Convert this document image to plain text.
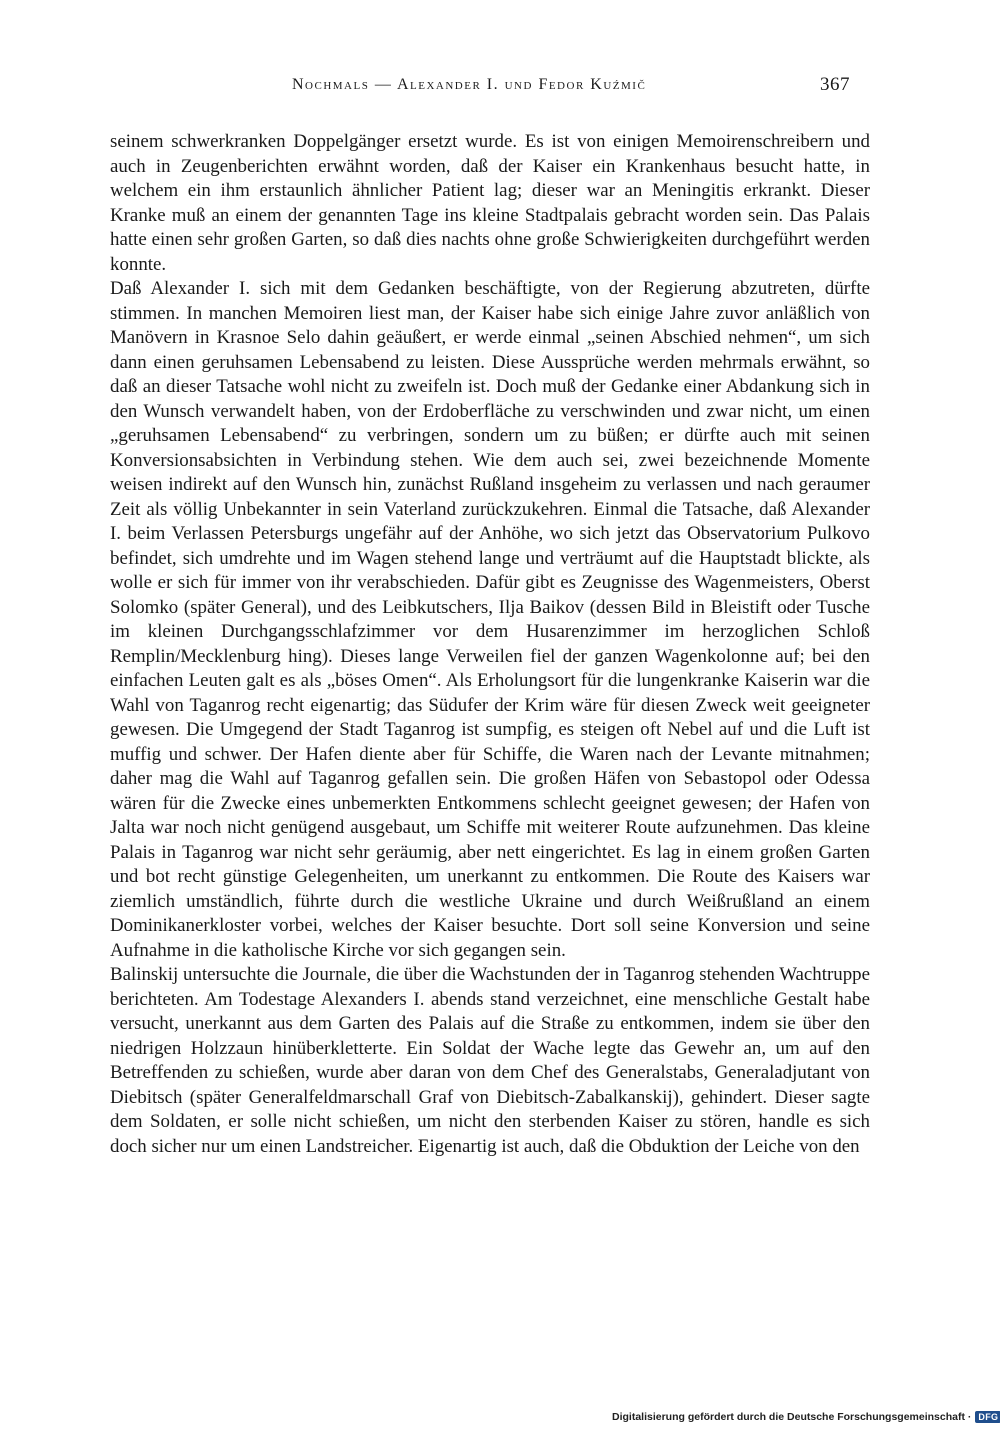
Nochmals — Alexander I. und Fedor Kuźmič	367

seinem schwerkranken Doppelgänger ersetzt wurde. Es ist von einigen Memoirenschreibern und auch in Zeugenberichten erwähnt worden, daß der Kaiser ein Krankenhaus besucht hatte, in welchem ein ihm erstaunlich ähnlicher Patient lag; dieser war an Meningitis erkrankt. Dieser Kranke muß an einem der genannten Tage ins kleine Stadtpalais gebracht worden sein. Das Palais hatte einen sehr großen Garten, so daß dies nachts ohne große Schwierigkeiten durchgeführt werden konnte.

Daß Alexander I. sich mit dem Gedanken beschäftigte, von der Regierung abzutreten, dürfte stimmen. In manchen Memoiren liest man, der Kaiser habe sich einige Jahre zuvor anläßlich von Manövern in Krasnoe Selo dahin geäußert, er werde einmal „seinen Abschied nehmen“, um sich dann einen geruhsamen Lebensabend zu leisten. Diese Aussprüche werden mehrmals erwähnt, so daß an dieser Tatsache wohl nicht zu zweifeln ist. Doch muß der Gedanke einer Abdankung sich in den Wunsch verwandelt haben, von der Erdoberfläche zu verschwinden und zwar nicht, um einen „geruhsamen Lebensabend“ zu verbringen, sondern um zu büßen; er dürfte auch mit seinen Konversionsabsichten in Verbindung stehen. Wie dem auch sei, zwei bezeichnende Momente weisen indirekt auf den Wunsch hin, zunächst Rußland insgeheim zu verlassen und nach geraumer Zeit als völlig Unbekannter in sein Vaterland zurückzukehren. Einmal die Tatsache, daß Alexander I. beim Verlassen Petersburgs ungefähr auf der Anhöhe, wo sich jetzt das Observatorium Pulkovo befindet, sich umdrehte und im Wagen stehend lange und verträumt auf die Hauptstadt blickte, als wolle er sich für immer von ihr verabschieden. Dafür gibt es Zeugnisse des Wagenmeisters, Oberst Solomko (später General), und des Leibkutschers, Ilja Baikov (dessen Bild in Bleistift oder Tusche im kleinen Durchgangsschlafzimmer vor dem Husarenzimmer im herzoglichen Schloß Remplin/Mecklenburg hing). Dieses lange Verweilen fiel der ganzen Wagenkolonne auf; bei den einfachen Leuten galt es als „böses Omen“. Als Erholungsort für die lungenkranke Kaiserin war die Wahl von Taganrog recht eigenartig; das Südufer der Krim wäre für diesen Zweck weit geeigneter gewesen. Die Umgegend der Stadt Taganrog ist sumpfig, es steigen oft Nebel auf und die Luft ist muffig und schwer. Der Hafen diente aber für Schiffe, die Waren nach der Levante mitnahmen; daher mag die Wahl auf Taganrog gefallen sein. Die großen Häfen von Sebastopol oder Odessa wären für die Zwecke eines unbemerkten Entkommens schlecht geeignet gewesen; der Hafen von Jalta war noch nicht genügend ausgebaut, um Schiffe mit weiterer Route aufzunehmen. Das kleine Palais in Taganrog war nicht sehr geräumig, aber nett eingerichtet. Es lag in einem großen Garten und bot recht günstige Gelegenheiten, um unerkannt zu entkommen. Die Route des Kaisers war ziemlich umständlich, führte durch die westliche Ukraine und durch Weißrußland an einem Dominikanerkloster vorbei, welches der Kaiser besuchte. Dort soll seine Konversion und seine Aufnahme in die katholische Kirche vor sich gegangen sein.

Balinskij untersuchte die Journale, die über die Wachstunden der in Taganrog stehenden Wachtruppe berichteten. Am Todestage Alexanders I. abends stand verzeichnet, eine menschliche Gestalt habe versucht, unerkannt aus dem Garten des Palais auf die Straße zu entkommen, indem sie über den niedrigen Holzzaun hinüberkletterte. Ein Soldat der Wache legte das Gewehr an, um auf den Betreffenden zu schießen, wurde aber daran von dem Chef des Generalstabs, Generaladjutant von Diebitsch (später Generalfeldmarschall Graf von Diebitsch-Zabalkanskij), gehindert. Dieser sagte dem Soldaten, er solle nicht schießen, um nicht den sterbenden Kaiser zu stören, handle es sich doch sicher nur um einen Landstreicher. Eigenartig ist auch, daß die Obduktion der Leiche von den

Digitalisierung gefördert durch die Deutsche Forschungsgemeinschaft · DFG
